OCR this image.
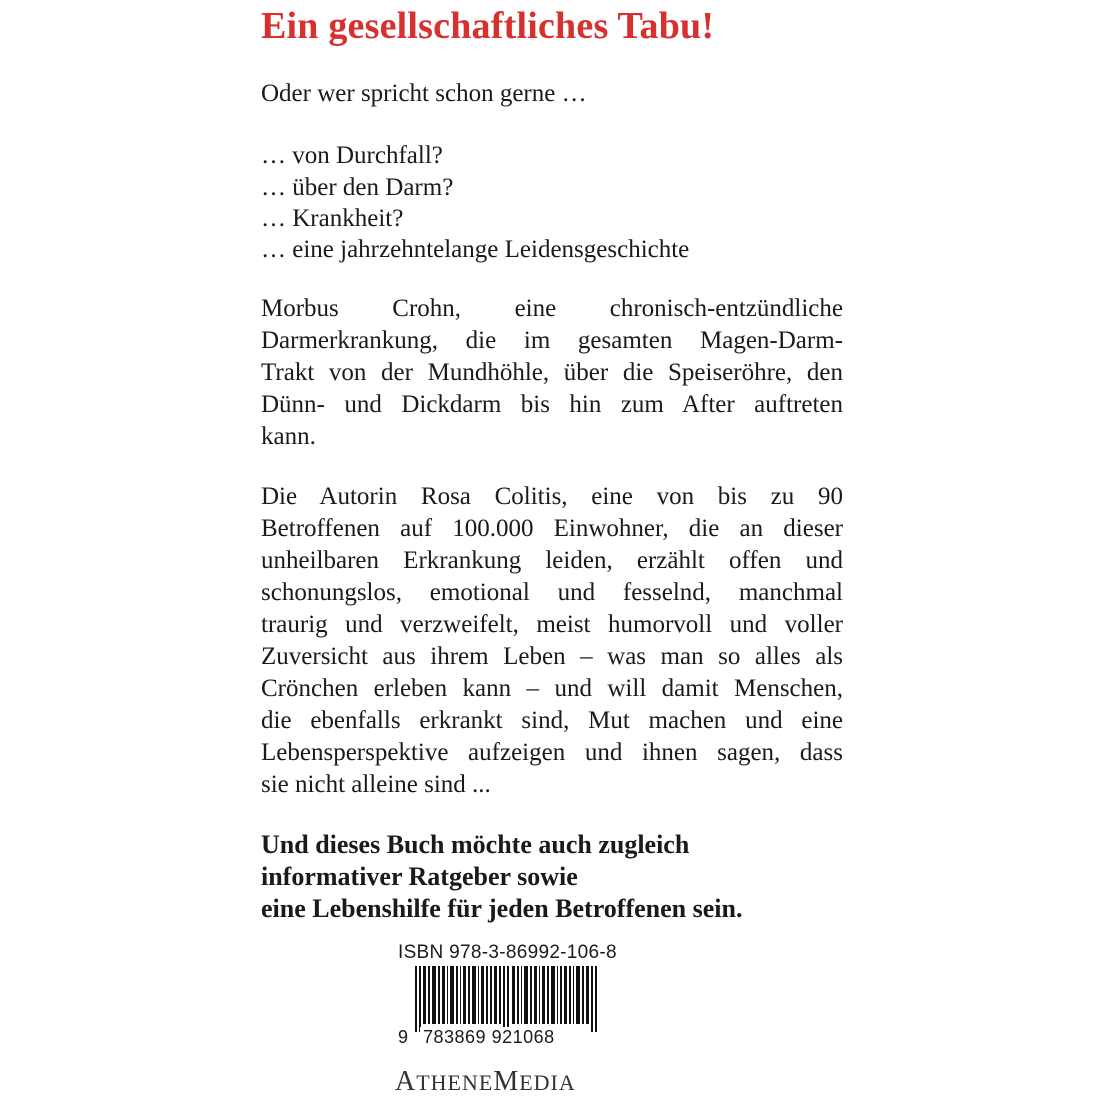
Ein gesellschaftliches Tabu!

Oder wer spricht schon gerne …

… von Durchfall?

… über den Darm?

… Krankheit?

… eine jahrzehntelange Leidensgeschichte

Morbus Crohn, eine chronisch-entzündliche

Darmerkrankung, die im gesamten Magen-Darm-

Trakt von der Mundhöhle, über die Speiseröhre, den

Dünn- und Dickdarm bis hin zum After auftreten

kann.

Die Autorin Rosa Colitis, eine von bis zu 90

Betroffenen auf 100.000 Einwohner, die an dieser

unheilbaren Erkrankung leiden, erzählt offen und

schonungslos, emotional und fesselnd, manchmal

traurig und verzweifelt, meist humorvoll und voller

Zuversicht aus ihrem Leben – was man so alles als

Crönchen erleben kann – und will damit Menschen,

die ebenfalls erkrankt sind, Mut machen und eine

Lebensperspektive aufzeigen und ihnen sagen, dass

sie nicht alleine sind ...

Und dieses Buch möchte auch zugleich

informativer Ratgeber sowie

eine Lebenshilfe für jeden Betroffenen sein.

ISBN 978-3-86992-106-8

9 783869 921068

ATHENEMEDIA
